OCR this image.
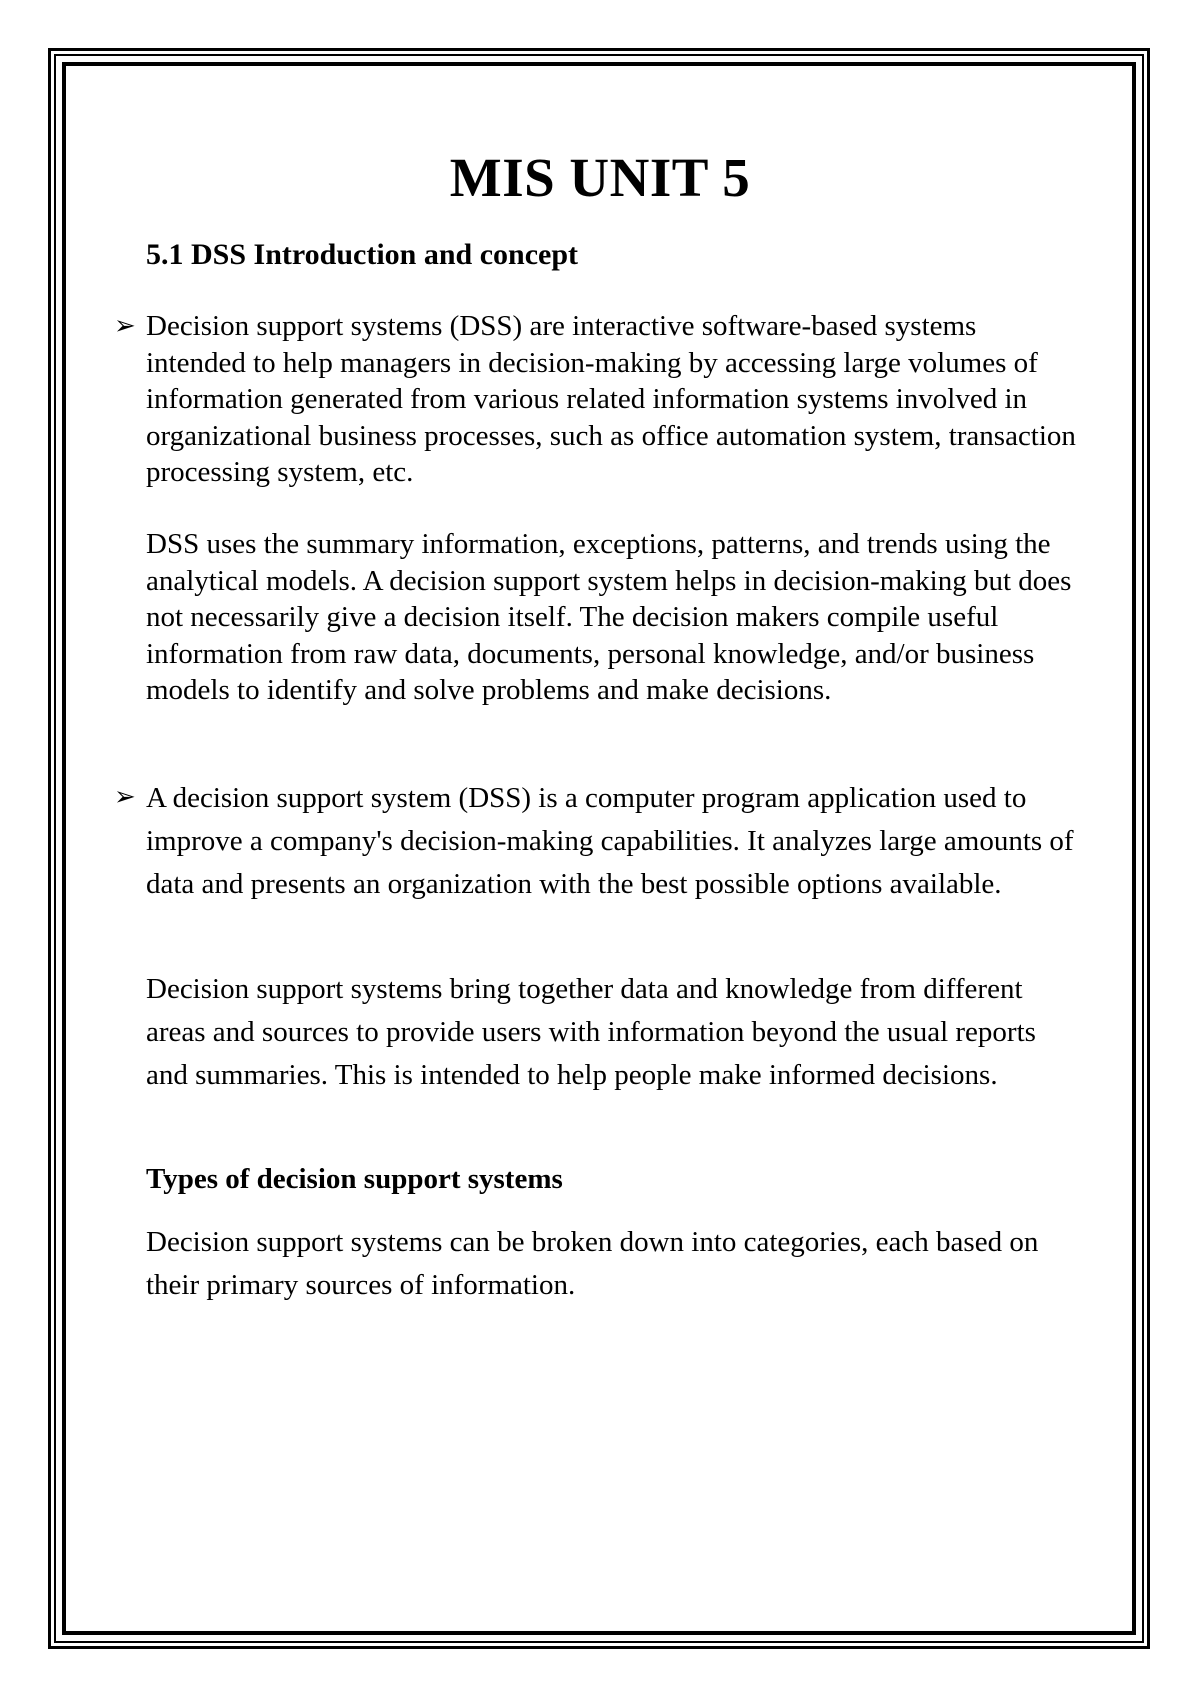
MIS UNIT 5
5.1 DSS Introduction and concept
➢ Decision support systems (DSS) are interactive software-based systems intended to help managers in decision-making by accessing large volumes of information generated from various related information systems involved in organizational business processes, such as office automation system, transaction processing system, etc.
DSS uses the summary information, exceptions, patterns, and trends using the analytical models. A decision support system helps in decision-making but does not necessarily give a decision itself. The decision makers compile useful information from raw data, documents, personal knowledge, and/or business models to identify and solve problems and make decisions.
➢ A decision support system (DSS) is a computer program application used to improve a company's decision-making capabilities. It analyzes large amounts of data and presents an organization with the best possible options available.
Decision support systems bring together data and knowledge from different areas and sources to provide users with information beyond the usual reports and summaries. This is intended to help people make informed decisions.
Types of decision support systems
Decision support systems can be broken down into categories, each based on their primary sources of information.
